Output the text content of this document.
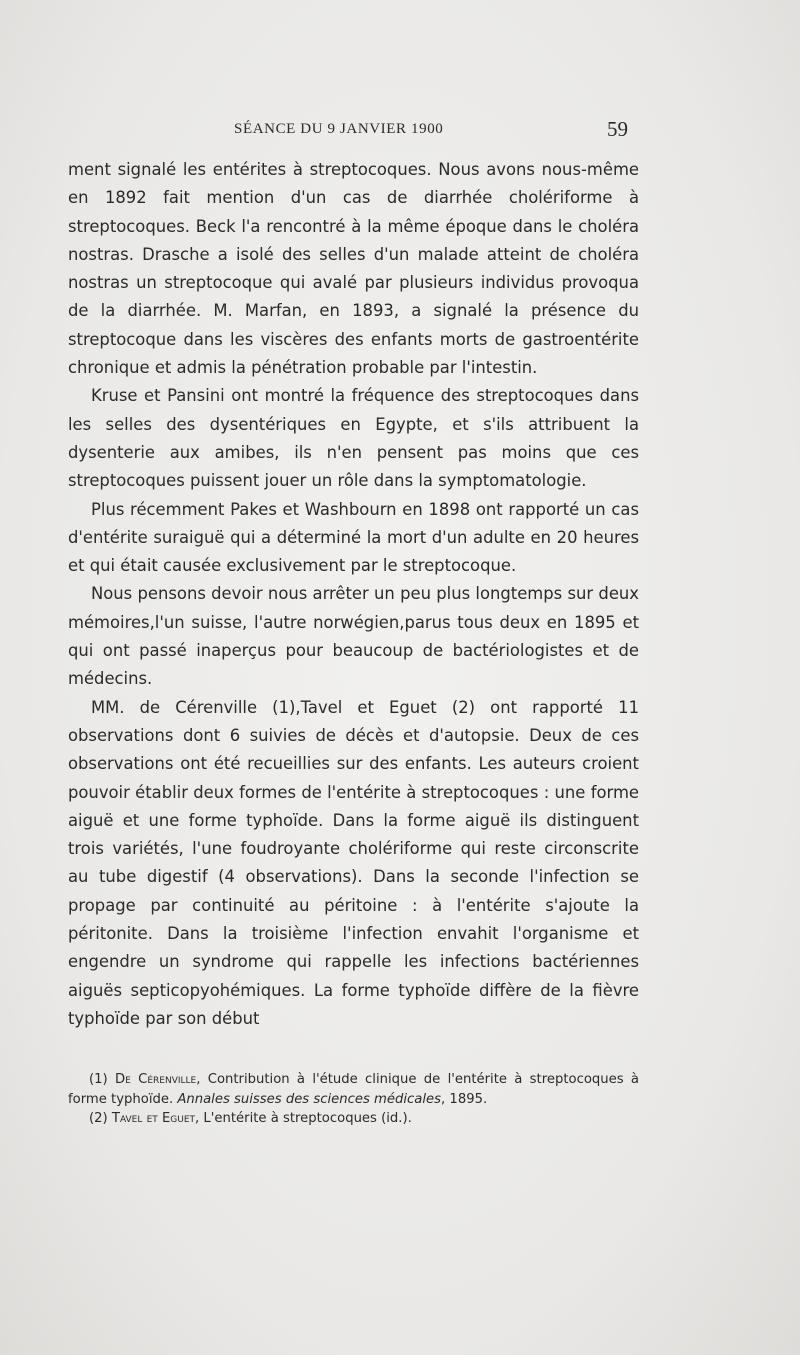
SÉANCE DU 9 JANVIER 1900	59

ment signalé les entérites à streptocoques. Nous avons nous-même en 1892 fait mention d'un cas de diarrhée cholériforme à streptocoques. Beck l'a rencontré à la même époque dans le choléra nostras. Drasche a isolé des selles d'un malade atteint de choléra nostras un streptocoque qui avalé par plusieurs individus provoqua de la diarrhée. M. Marfan, en 1893, a signalé la présence du streptocoque dans les viscères des enfants morts de gastroentérite chronique et admis la pénétration probable par l'intestin.

Kruse et Pansini ont montré la fréquence des streptocoques dans les selles des dysentériques en Egypte, et s'ils attribuent la dysenterie aux amibes, ils n'en pensent pas moins que ces streptocoques puissent jouer un rôle dans la symptomatologie.

Plus récemment Pakes et Washbourn en 1898 ont rapporté un cas d'entérite suraiguë qui a déterminé la mort d'un adulte en 20 heures et qui était causée exclusivement par le streptocoque.

Nous pensons devoir nous arrêter un peu plus longtemps sur deux mémoires,l'un suisse, l'autre norwégien,parus tous deux en 1895 et qui ont passé inaperçus pour beaucoup de bactériologistes et de médecins.

MM. de Cérenville (1),Tavel et Eguet (2) ont rapporté 11 observations dont 6 suivies de décès et d'autopsie. Deux de ces observations ont été recueillies sur des enfants. Les auteurs croient pouvoir établir deux formes de l'entérite à streptocoques : une forme aiguë et une forme typhoïde. Dans la forme aiguë ils distinguent trois variétés, l'une foudroyante cholériforme qui reste circonscrite au tube digestif (4 observations). Dans la seconde l'infection se propage par continuité au péritoine : à l'entérite s'ajoute la péritonite. Dans la troisième l'infection envahit l'organisme et engendre un syndrome qui rappelle les infections bactériennes aiguës septicopyohémiques. La forme typhoïde diffère de la fièvre typhoïde par son début

(1) De Cérenville, Contribution à l'étude clinique de l'entérite à streptocoques à forme typhoïde. Annales suisses des sciences médicales, 1895.

(2) Tavel et Eguet, L'entérite à streptocoques (id.).
